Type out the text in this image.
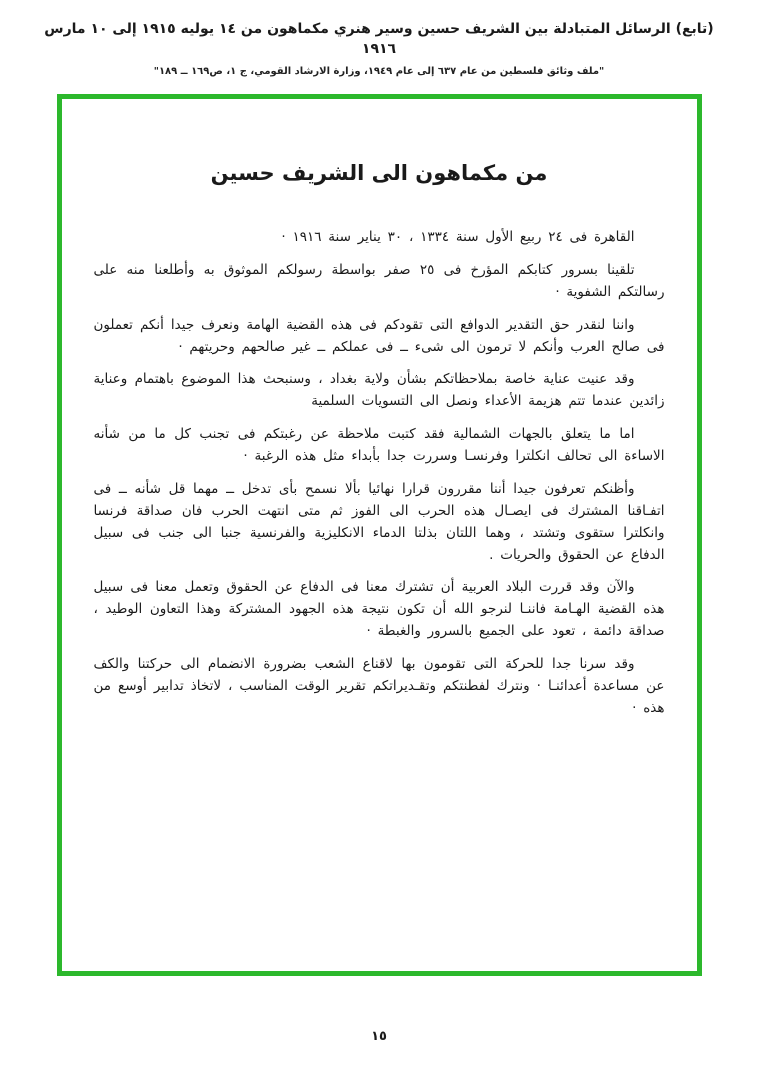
(تابع) الرسائل المتبادلة بين الشريف حسين وسير هنري مكماهون من ١٤ يوليه ١٩١٥ إلى ١٠ مارس ١٩١٦
"ملف وثائق فلسطين من عام ٦٣٧ إلى عام ١٩٤٩، وزارة الارشاد القومي، ج ١، ص١٦٩ ــ ١٨٩"
من مكماهون الى الشريف حسين

القاهرة فى ٢٤ ربيع الأول سنة ١٣٣٤ ، ٣٠ يناير سنة ١٩١٦ ·

تلقينا بسرور كتابكم المؤرخ فى ٢٥ صفر بواسطة رسولكم الموثوق به وأطلعنا منه على رسالتكم الشفوية ·

واننا لنقدر حق التقدير الدوافع التى تقودكم فى هذه القضية الهامة ونعرف جيدا أنكم تعملون فى صالح العرب وأنكم لا ترمون الى شىء ــ فى عملكم ــ غير صالحهم وحريتهم ·

وقد عنيت عناية خاصة بملاحظاتكم بشأن ولاية بغداد ، وسنبحث هذا الموضوع باهتمام وعناية زائدين عندما تتم هزيمة الأعداء ونصل الى التسويات السلمية

اما ما يتعلق بالجهات الشمالية فقد كتبت ملاحظة عن رغبتكم فى تجنب كل ما من شأنه الاساءة الى تحالف انكلترا وفرنسـا وسررت جدا بأبداء مثل هذه الرغبة ·

وأظنكم تعرفون جيدا أننا مقررون قرارا نهائيا بألا نسمح بأى تدخل ــ مهما قل شأنه ــ فى اتفـاقنا المشترك فى ايصـال هذه الحرب الى الفوز ثم متى انتهت الحرب فان صداقة فرنسا وانكلترا ستقوى وتشتد ، وهما اللتان بذلتا الدماء الانكليزية والفرنسية جنبا الى جنب فى سبيل الدفاع عن الحقوق والحريات .

والآن وقد قررت البلاد العربية أن تشترك معنا فى الدفاع عن الحقوق وتعمل معنا فى سبيل هذه القضية الهـامة فاننـا لنرجو الله أن تكون نتيجة هذه الجهود المشتركة وهذا التعاون الوطيد ، صداقة دائمة ، تعود على الجميع بالسرور والغبطة ·

وقد سرنا جدا للحركة التى تقومون بها لاقناع الشعب بضرورة الانضمام الى حركتنا والكف عن مساعدة أعدائنـا · ونترك لفطنتكم وتقـديراتكم تقرير الوقت المناسب ، لاتخاذ تدابير أوسع من هذه ·

١٥
